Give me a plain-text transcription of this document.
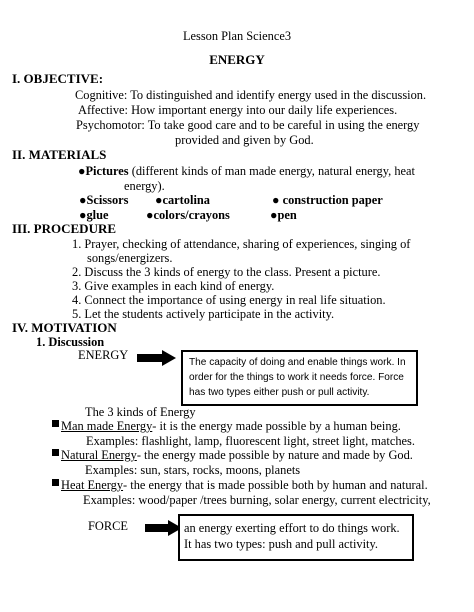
Lesson Plan Science3
ENERGY
I. OBJECTIVE:
Cognitive: To distinguished and identify energy used in the discussion.
Affective: How important energy into our daily life experiences.
Psychomotor: To take good care and to be careful in using the energy
provided and given by God.
II. MATERIALS
●Pictures (different kinds of man made energy, natural energy, heat
energy).
●Scissors ●cartolina	● construction paper
●glue	●colors/crayons	●pen
III. PROCEDURE
1. Prayer, checking of attendance, sharing of experiences, singing of
songs/energizers.
2. Discuss the 3 kinds of energy to the class. Present a picture.
3. Give examples in each kind of energy.
4. Connect the importance of using energy in real life situation.
5. Let the students actively participate in the activity.
IV. MOTIVATION
1. Discussion
ENERGY
The capacity of doing and enable things work. In
order for the things to work it needs force. Force
has two types either push or pull activity.
The 3 kinds of Energy
Man made Energy- it is the energy made possible by a human being.
Examples: flashlight, lamp, fluorescent light, street light, matches.
Natural Energy- the energy made possible by nature and made by God.
Examples: sun, stars, rocks, moons, planets
Heat Energy- the energy that is made possible both by human and natural.
Examples: wood/paper /trees burning, solar energy, current electricity,
FORCE	an energy exerting effort to do things work.
It has two types: push and pull activity.
